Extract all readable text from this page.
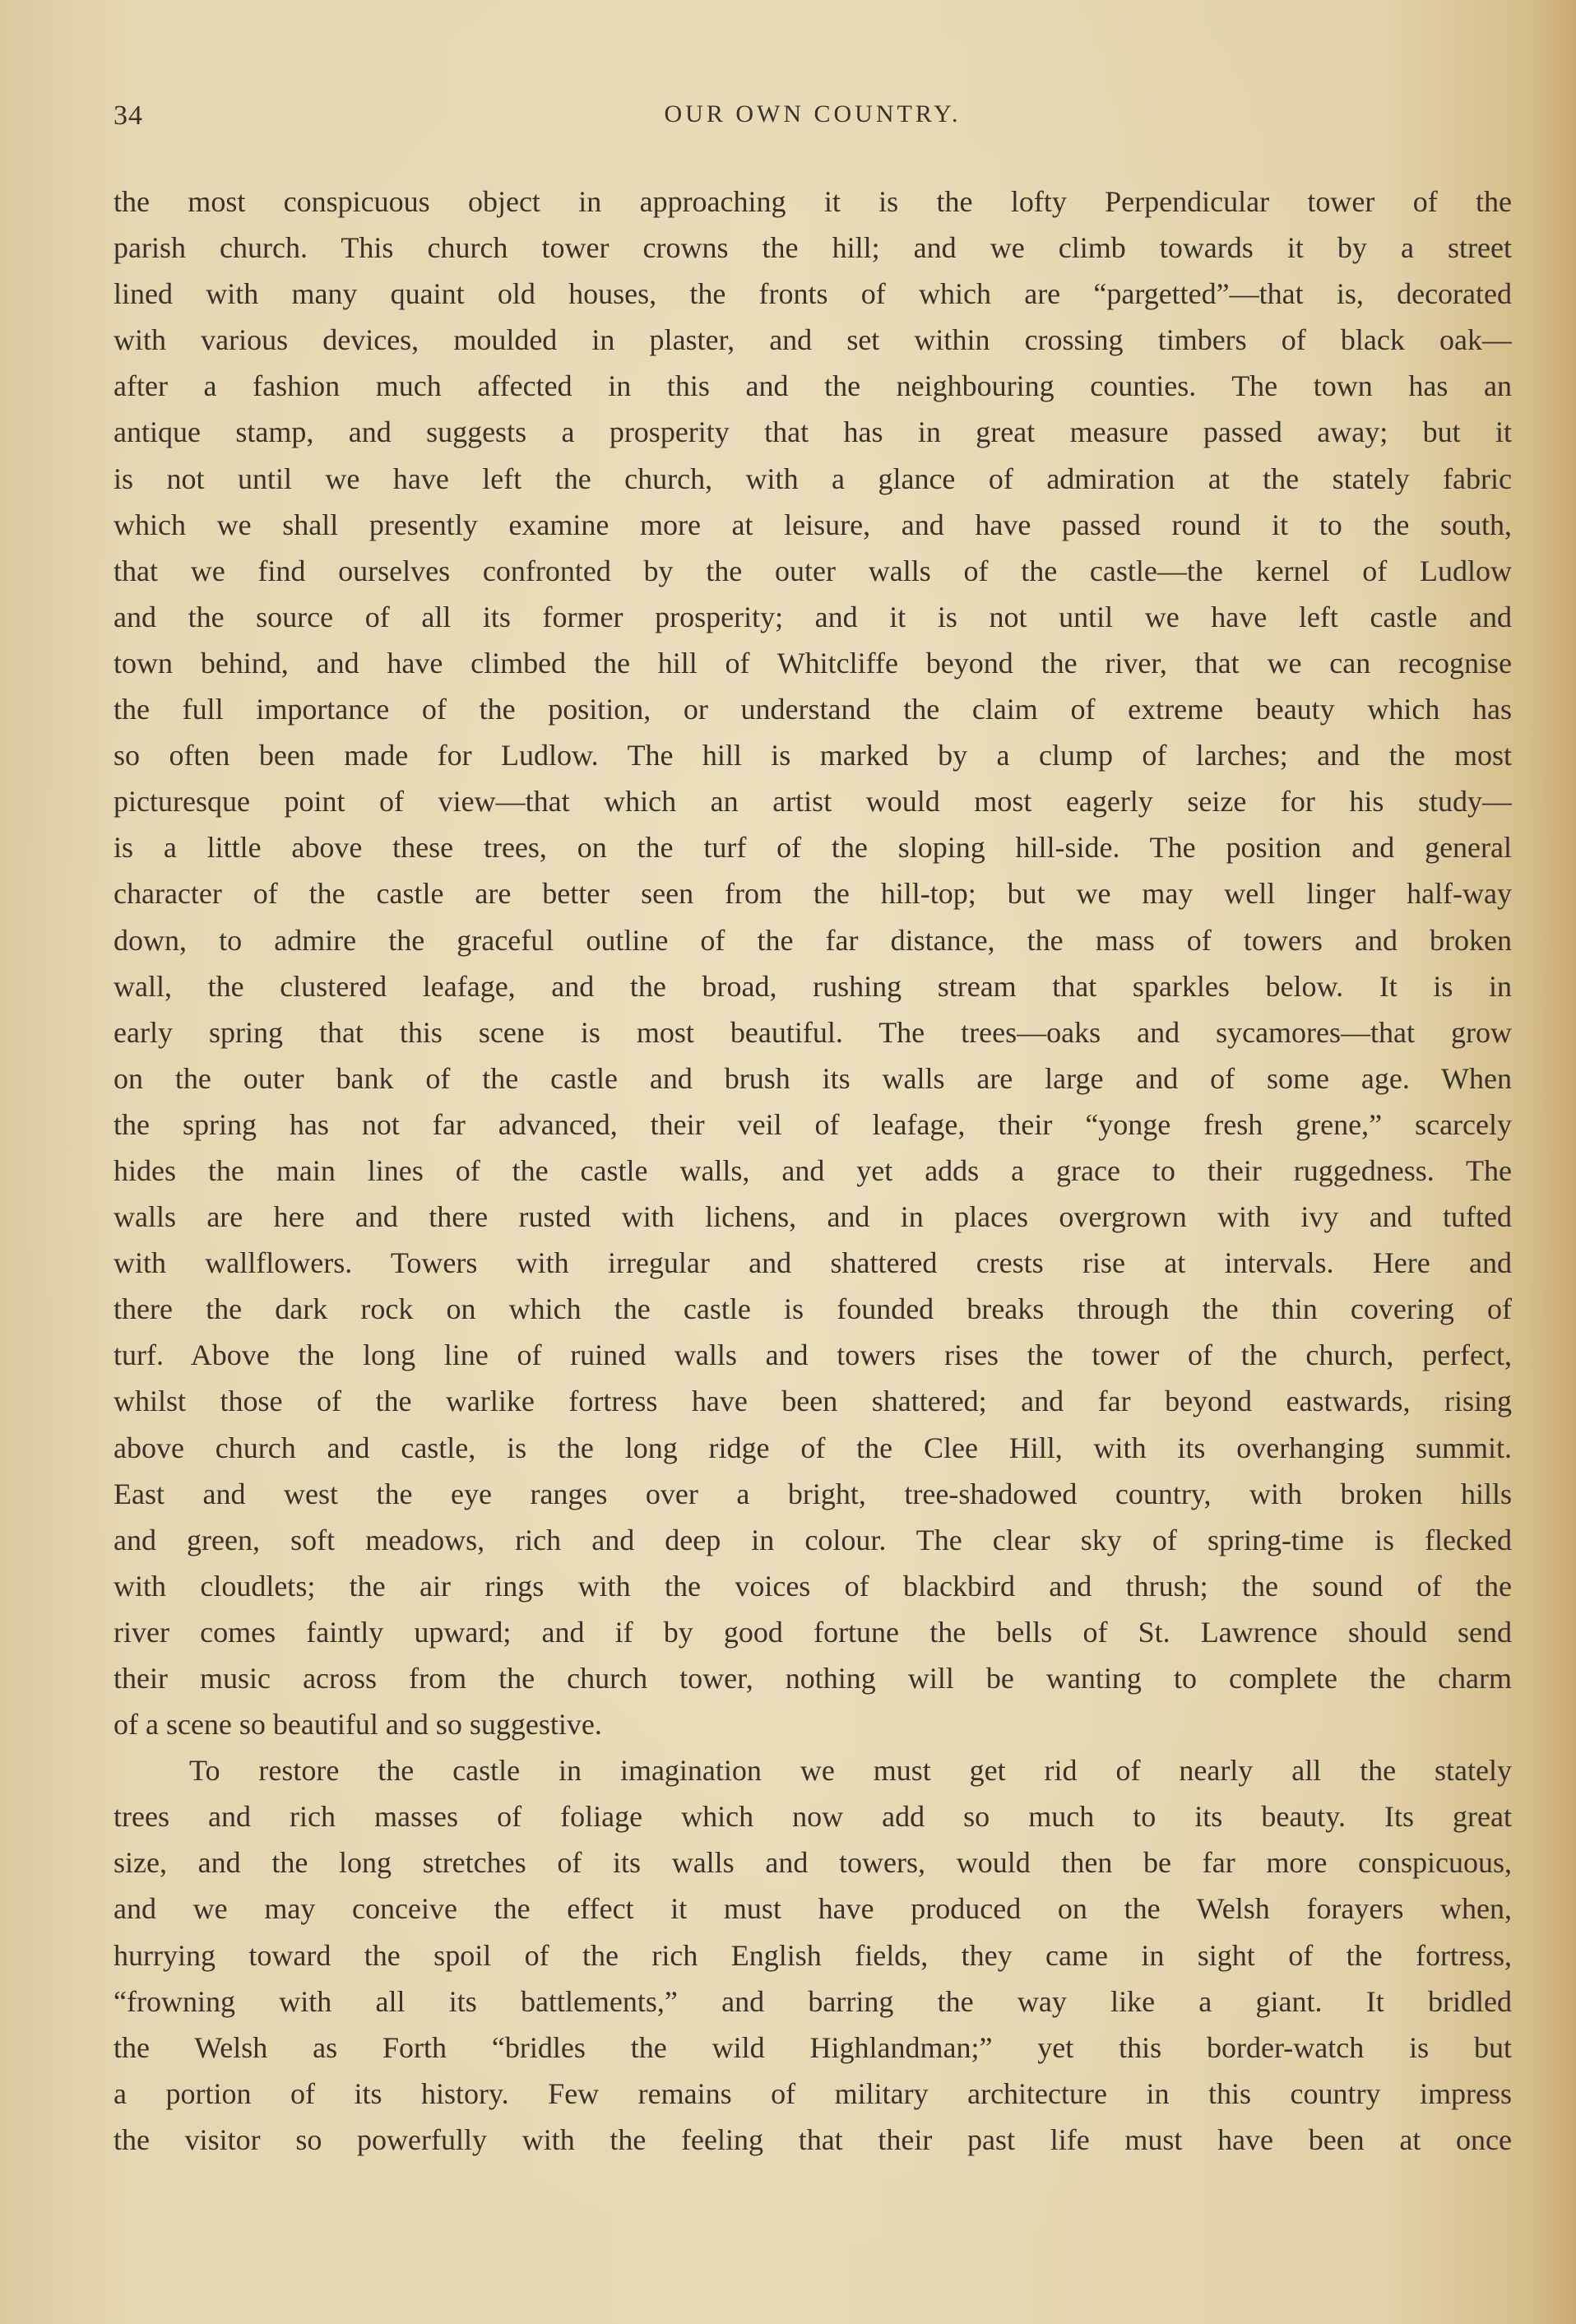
34	OUR OWN COUNTRY.
the most conspicuous object in approaching it is the lofty Perpendicular tower of the
parish church. This church tower crowns the hill; and we climb towards it by a street
lined with many quaint old houses, the fronts of which are “pargetted”—that is, decorated
with various devices, moulded in plaster, and set within crossing timbers of black oak—
after a fashion much affected in this and the neighbouring counties. The town has an
antique stamp, and suggests a prosperity that has in great measure passed away; but it
is not until we have left the church, with a glance of admiration at the stately fabric
which we shall presently examine more at leisure, and have passed round it to the south,
that we find ourselves confronted by the outer walls of the castle—the kernel of Ludlow
and the source of all its former prosperity; and it is not until we have left castle and
town behind, and have climbed the hill of Whitcliffe beyond the river, that we can recognise
the full importance of the position, or understand the claim of extreme beauty which has
so often been made for Ludlow. The hill is marked by a clump of larches; and the most
picturesque point of view—that which an artist would most eagerly seize for his study—
is a little above these trees, on the turf of the sloping hill-side. The position and general
character of the castle are better seen from the hill-top; but we may well linger half-way
down, to admire the graceful outline of the far distance, the mass of towers and broken
wall, the clustered leafage, and the broad, rushing stream that sparkles below. It is in
early spring that this scene is most beautiful. The trees—oaks and sycamores—that grow
on the outer bank of the castle and brush its walls are large and of some age. When
the spring has not far advanced, their veil of leafage, their “yonge fresh grene,” scarcely
hides the main lines of the castle walls, and yet adds a grace to their ruggedness. The
walls are here and there rusted with lichens, and in places overgrown with ivy and tufted
with wallflowers. Towers with irregular and shattered crests rise at intervals. Here and
there the dark rock on which the castle is founded breaks through the thin covering of
turf. Above the long line of ruined walls and towers rises the tower of the church, perfect,
whilst those of the warlike fortress have been shattered; and far beyond eastwards, rising
above church and castle, is the long ridge of the Clee Hill, with its overhanging summit.
East and west the eye ranges over a bright, tree-shadowed country, with broken hills
and green, soft meadows, rich and deep in colour. The clear sky of spring-time is flecked
with cloudlets; the air rings with the voices of blackbird and thrush; the sound of the
river comes faintly upward; and if by good fortune the bells of St. Lawrence should send
their music across from the church tower, nothing will be wanting to complete the charm
of a scene so beautiful and so suggestive.
To restore the castle in imagination we must get rid of nearly all the stately
trees and rich masses of foliage which now add so much to its beauty. Its great
size, and the long stretches of its walls and towers, would then be far more conspicuous,
and we may conceive the effect it must have produced on the Welsh forayers when,
hurrying toward the spoil of the rich English fields, they came in sight of the fortress,
“frowning with all its battlements,” and barring the way like a giant. It bridled
the Welsh as Forth “bridles the wild Highlandman;” yet this border-watch is but
a portion of its history. Few remains of military architecture in this country impress
the visitor so powerfully with the feeling that their past life must have been at once
